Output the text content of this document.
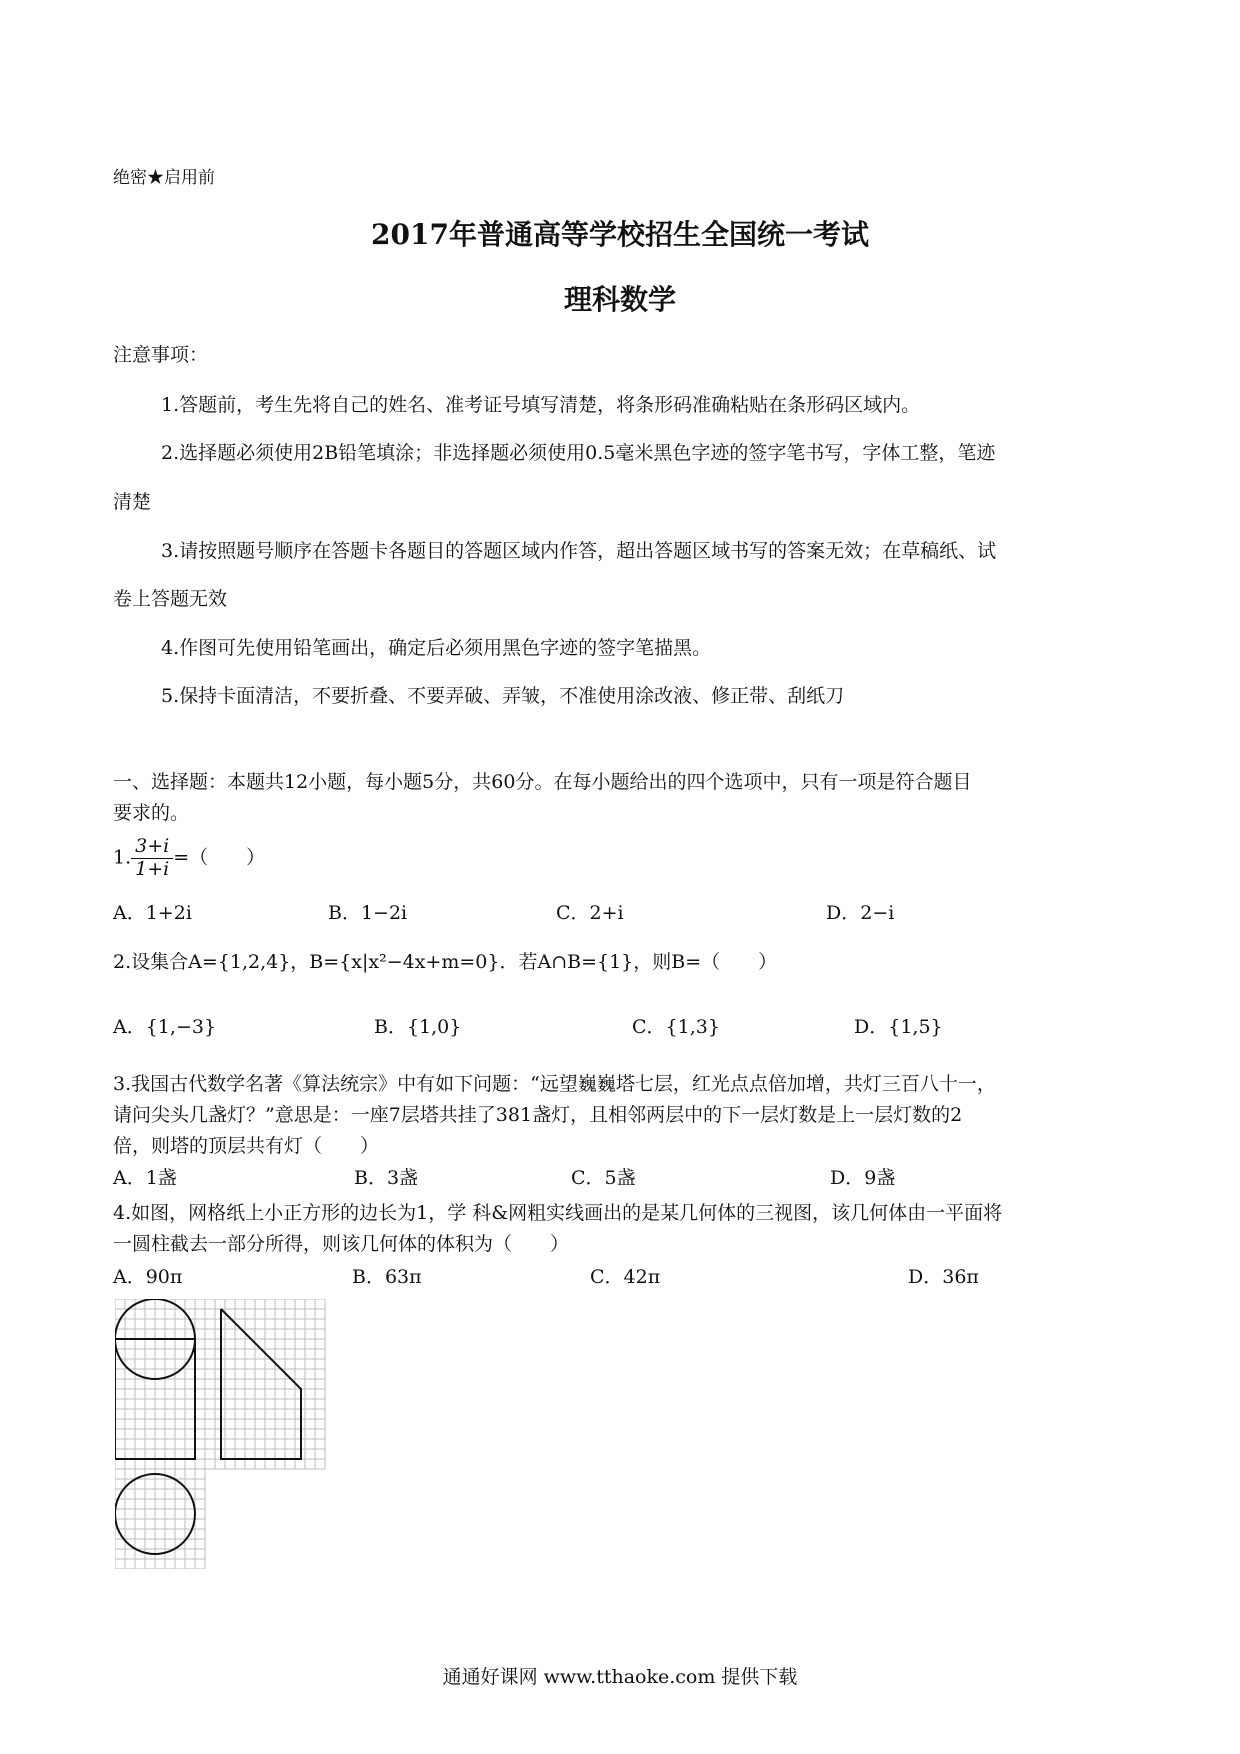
绝密★启用前
2017年普通高等学校招生全国统一考试
理科数学
注意事项：
1.答题前，考生先将自己的姓名、准考证号填写清楚，将条形码准确粘贴在条形码区域内。
2.选择题必须使用2B铅笔填涂；非选择题必须使用0.5毫米黑色字迹的签字笔书写，字体工整，笔迹
清楚
3.请按照题号顺序在答题卡各题目的答题区域内作答，超出答题区域书写的答案无效；在草稿纸、试
卷上答题无效
4.作图可先使用铅笔画出，确定后必须用黑色字迹的签字笔描黑。
5.保持卡面清洁，不要折叠、不要弄破、弄皱，不准使用涂改液、修正带、刮纸刀
一、选择题：本题共12小题，每小题5分，共60分。在每小题给出的四个选项中，只有一项是符合题目
要求的。
1. $\frac{3+i}{1+i}$ =（　　）
A．1+2i	B．1−2i	C．2+i	D．2−i
2.设集合A={1,2,4}，B={x|x²−4x+m=0}．若A∩B={1}，则B=（　　）
A．{1,−3}	B．{1,0}	C．{1,3}	D．{1,5}
3.我国古代数学名著《算法统宗》中有如下问题：“远望巍巍塔七层，红光点点倍加增，共灯三百八十一，
请问尖头几盏灯？”意思是：一座7层塔共挂了381盏灯，且相邻两层中的下一层灯数是上一层灯数的2
倍，则塔的顶层共有灯（　　）
A．1盏	B．3盏	C．5盏	D．9盏
4.如图，网格纸上小正方形的边长为1，学 科&网粗实线画出的是某几何体的三视图，该几何体由一平面将
一圆柱截去一部分所得，则该几何体的体积为（　　）
A．90π	B．63π	C．42π	D．36π
通通好课网 www.tthaoke.com 提供下载
